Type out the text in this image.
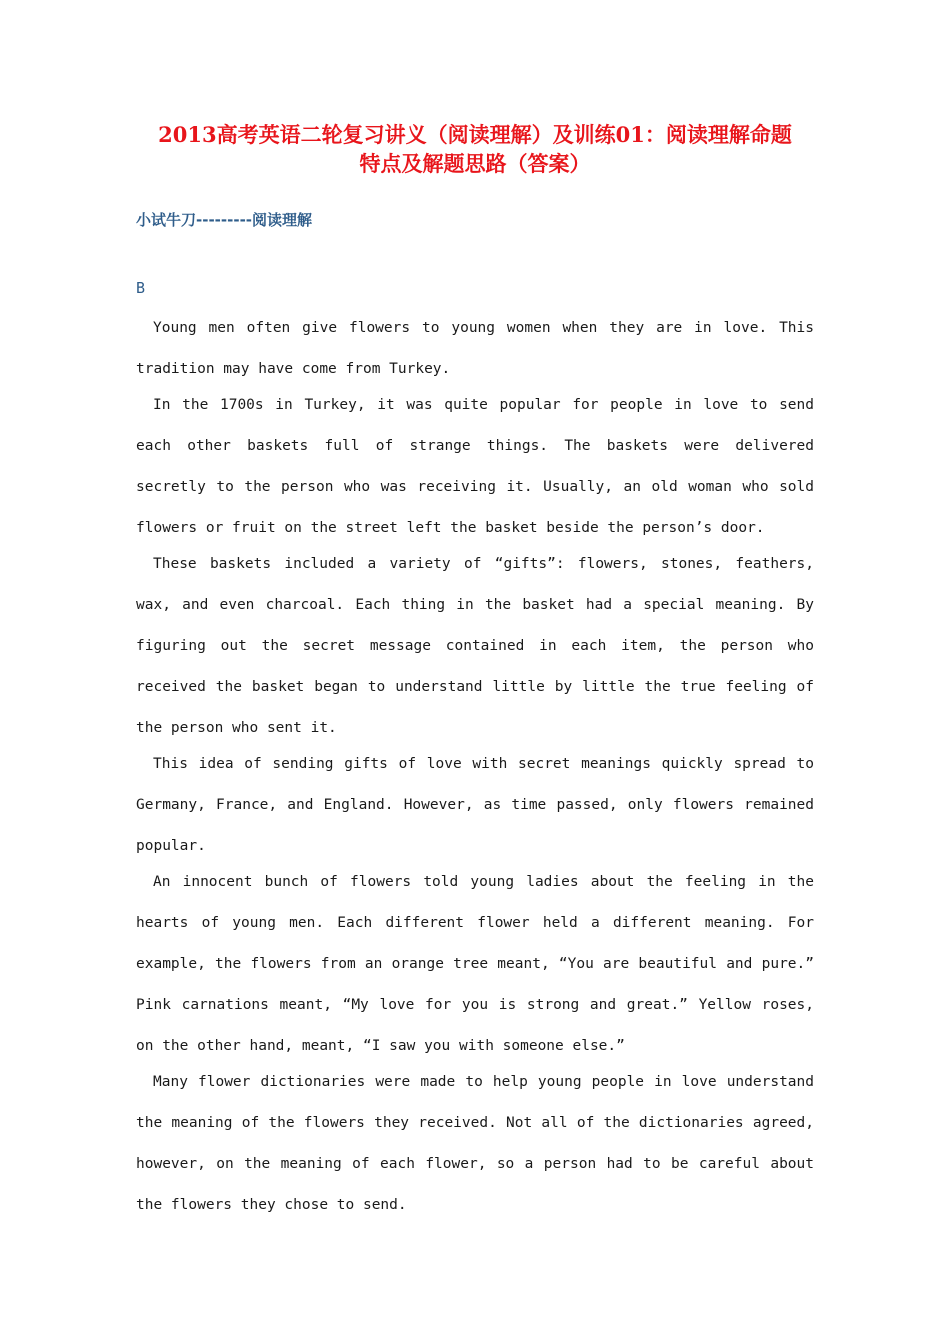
2013高考英语二轮复习讲义（阅读理解）及训练01：阅读理解命题
特点及解题思路（答案）
小试牛刀---------阅读理解
B

Young men often give flowers to young women when they are in love. This tradition may have come from Turkey.

In the 1700s in Turkey, it was quite popular for people in love to send each other baskets full of strange things. The baskets were delivered secretly to the person who was receiving it. Usually, an old woman who sold flowers or fruit on the street left the basket beside the person’s door.

These baskets included a variety of “gifts”: flowers, stones, feathers, wax, and even charcoal. Each thing in the basket had a special meaning. By figuring out the secret message contained in each item, the person who received the basket began to understand little by little the true feeling of the person who sent it.

This idea of sending gifts of love with secret meanings quickly spread to Germany, France, and England. However, as time passed, only flowers remained popular.

An innocent bunch of flowers told young ladies about the feeling in the hearts of young men. Each different flower held a different meaning. For example, the flowers from an orange tree meant, “You are beautiful and pure.” Pink carnations meant, “My love for you is strong and great.” Yellow roses, on the other hand, meant, “I saw you with someone else.”

Many flower dictionaries were made to help young people in love understand the meaning of the flowers they received. Not all of the dictionaries agreed, however, on the meaning of each flower, so a person had to be careful about the flowers they chose to send.
